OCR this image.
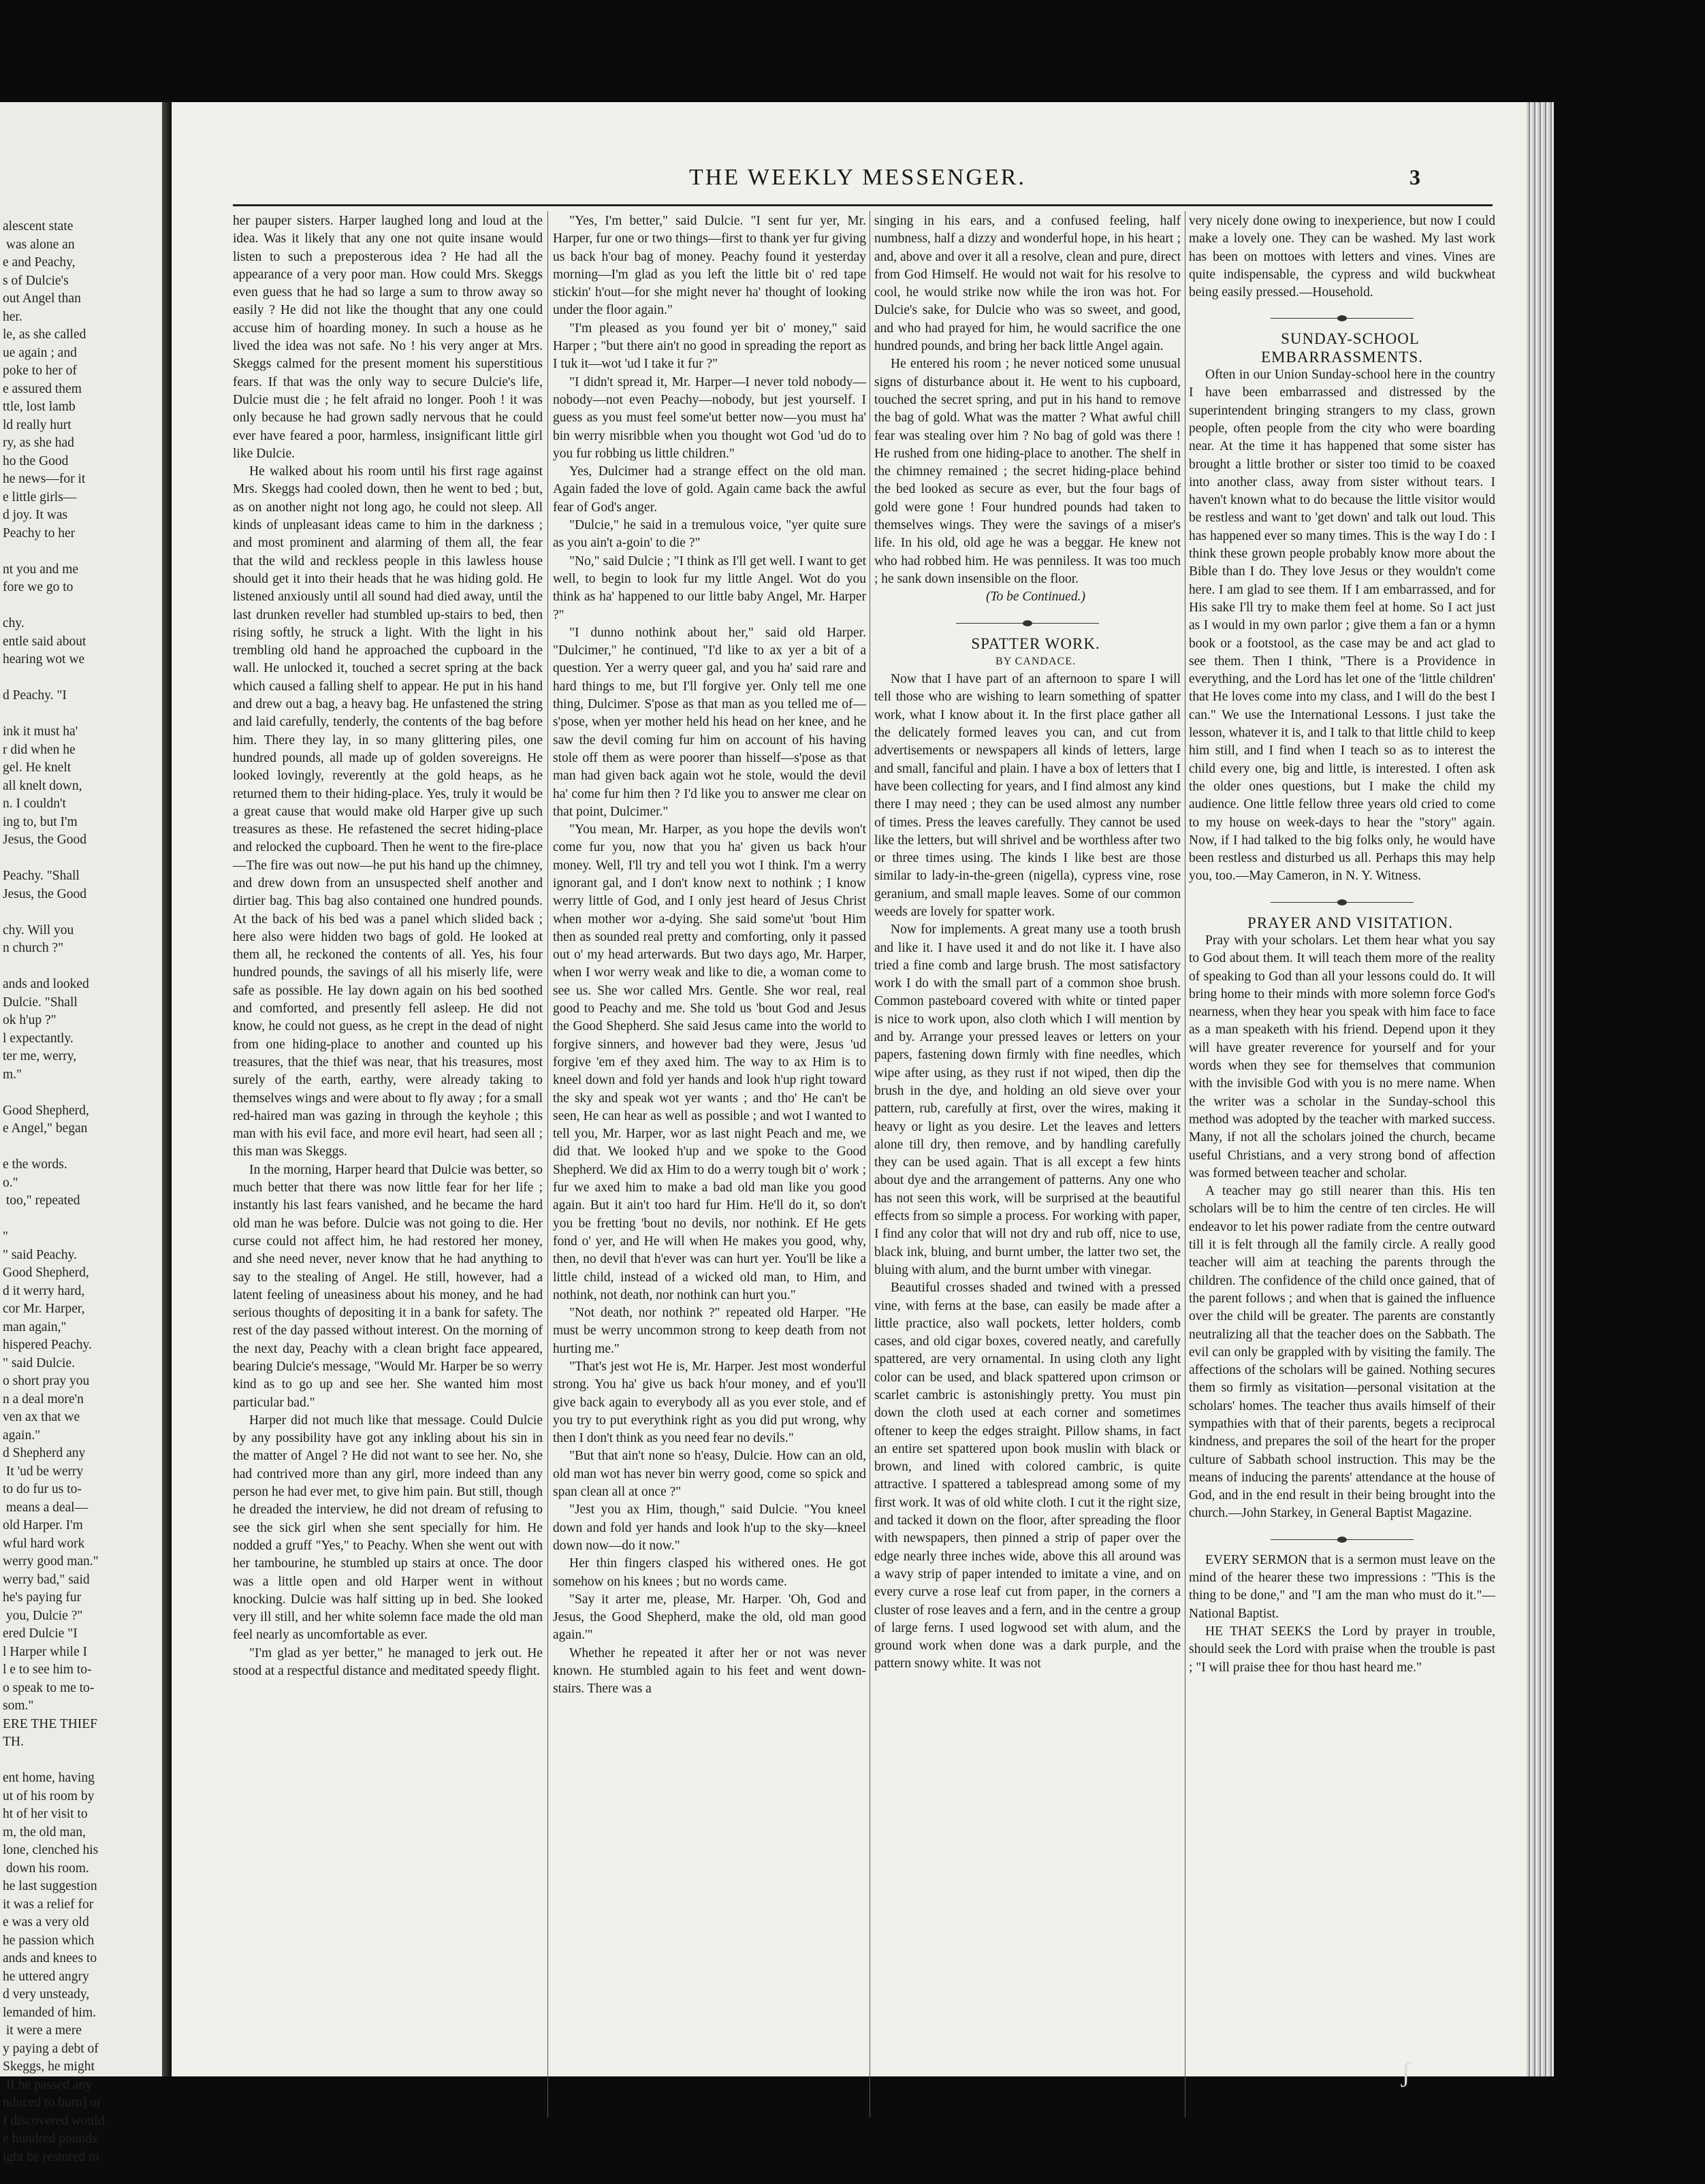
alescent state
was alone an
e and Peachy,
s of Dulcie's
out Angel than
her.
le, as she called
ue again ; and
poke to her of
e assured them
ttle, lost lamb
ld really hurt
ry, as she had
ho the Good
he news—for it
e little girls—
d joy. It was
Peachy to her

nt you and me
fore we go to

chy.
entle said about
hearing wot we

d Peachy. "I

ink it must ha'
r did when he
gel. He knelt
all knelt down,
n. I couldn't
ing to, but I'm
Jesus, the Good

Peachy. "Shall
Jesus, the Good

chy. Will you
n church ?"

ands and looked
Dulcie. "Shall
ok h'up ?"
l expectantly.
ter me, werry,
m."

Good Shepherd,
e Angel," began

e the words.
o."
too," repeated

"
" said Peachy.
Good Shepherd,
d it werry hard,
cor Mr. Harper,
man again,"
hispered Peachy.
" said Dulcie.
o short pray you
n a deal more'n
ven ax that we
again."
d Shepherd any
It 'ud be werry
to do fur us to-
means a deal—
old Harper. I'm
wful hard work
werry good man."
werry bad," said
he's paying fur
you, Dulcie ?"
ered Dulcie "I
l Harper while I
l e to see him to-
o speak to me to-
som."
ERE THE THIEF
TH.

ent home, having
ut of his room by
ht of her visit to
m, the old man,
lone, clenched his
down his room.
he last suggestion
it was a relief for
e was a very old
he passion which
ands and knees to
he uttered angry
d very unsteady,
lemanded of him.
it were a mere
y paying a debt of
Skeggs, he might
If he passed any
nduced to burn] or
f discovered would
e hundred pounds
ight be restored to
THE WEEKLY MESSENGER.	3

her pauper sisters. Harper laughed long and loud at the idea. Was it likely that any one not quite insane would listen to such a preposterous idea ? He had all the appearance of a very poor man. How could Mrs. Skeggs even guess that he had so large a sum to throw away so easily ? He did not like the thought that any one could accuse him of hoarding money. In such a house as he lived the idea was not safe. No ! his very anger at Mrs. Skeggs calmed for the present moment his superstitious fears. If that was the only way to secure Dulcie's life, Dulcie must die ; he felt afraid no longer. Pooh ! it was only because he had grown sadly nervous that he could ever have feared a poor, harmless, insignificant little girl like Dulcie.

He walked about his room until his first rage against Mrs. Skeggs had cooled down, then he went to bed ; but, as on another night not long ago, he could not sleep. All kinds of unpleasant ideas came to him in the darkness ; and most prominent and alarming of them all, the fear that the wild and reckless people in this lawless house should get it into their heads that he was hiding gold. He listened anxiously until all sound had died away, until the last drunken reveller had stumbled up-stairs to bed, then rising softly, he struck a light. With the light in his trembling old hand he approached the cupboard in the wall. He unlocked it, touched a secret spring at the back which caused a falling shelf to appear. He put in his hand and drew out a bag, a heavy bag. He unfastened the string and laid carefully, tenderly, the contents of the bag before him. There they lay, in so many glittering piles, one hundred pounds, all made up of golden sovereigns. He looked lovingly, reverently at the gold heaps, as he returned them to their hiding-place. Yes, truly it would be a great cause that would make old Harper give up such treasures as these. He refastened the secret hiding-place and relocked the cupboard. Then he went to the fire-place—The fire was out now—he put his hand up the chimney, and drew down from an unsuspected shelf another and dirtier bag. This bag also contained one hundred pounds. At the back of his bed was a panel which slided back ; here also were hidden two bags of gold. He looked at them all, he reckoned the contents of all. Yes, his four hundred pounds, the savings of all his miserly life, were safe as possible. He lay down again on his bed soothed and comforted, and presently fell asleep. He did not know, he could not guess, as he crept in the dead of night from one hiding-place to another and counted up his treasures, that the thief was near, that his treasures, most surely of the earth, earthy, were already taking to themselves wings and were about to fly away ; for a small red-haired man was gazing in through the keyhole ; this man with his evil face, and more evil heart, had seen all ; this man was Skeggs.

In the morning, Harper heard that Dulcie was better, so much better that there was now little fear for her life ; instantly his last fears vanished, and he became the hard old man he was before. Dulcie was not going to die. Her curse could not affect him, he had restored her money, and she need never, never know that he had anything to say to the stealing of Angel. He still, however, had a latent feeling of uneasiness about his money, and he had serious thoughts of depositing it in a bank for safety. The rest of the day passed without interest. On the morning of the next day, Peachy with a clean bright face appeared, bearing Dulcie's message, "Would Mr. Harper be so werry kind as to go up and see her. She wanted him most particular bad."

Harper did not much like that message. Could Dulcie by any possibility have got any inkling about his sin in the matter of Angel ? He did not want to see her. No, she had contrived more than any girl, more indeed than any person he had ever met, to give him pain. But still, though he dreaded the interview, he did not dream of refusing to see the sick girl when she sent specially for him. He nodded a gruff "Yes," to Peachy. When she went out with her tambourine, he stumbled up stairs at once. The door was a little open and old Harper went in without knocking. Dulcie was half sitting up in bed. She looked very ill still, and her white solemn face made the old man feel nearly as uncomfortable as ever.

"I'm glad as yer better," he managed to jerk out. He stood at a respectful distance and meditated speedy flight.

"Yes, I'm better," said Dulcie. "I sent fur yer, Mr. Harper, fur one or two things—first to thank yer fur giving us back h'our bag of money. Peachy found it yesterday morning—I'm glad as you left the little bit o' red tape stickin' h'out—for she might never ha' thought of looking under the floor again."

"I'm pleased as you found yer bit o' money," said Harper ; "but there ain't no good in spreading the report as I tuk it—wot 'ud I take it fur ?"

"I didn't spread it, Mr. Harper—I never told nobody—nobody—not even Peachy—nobody, but jest yourself. I guess as you must feel some'ut better now—you must ha' bin werry misribble when you thought wot God 'ud do to you fur robbing us little children."

Yes, Dulcimer had a strange effect on the old man. Again faded the love of gold. Again came back the awful fear of God's anger.

"Dulcie," he said in a tremulous voice, "yer quite sure as you ain't a-goin' to die ?"

"No," said Dulcie ; "I think as I'll get well. I want to get well, to begin to look fur my little Angel. Wot do you think as ha' happened to our little baby Angel, Mr. Harper ?"

"I dunno nothink about her," said old Harper. "Dulcimer," he continued, "I'd like to ax yer a bit of a question. Yer a werry queer gal, and you ha' said rare and hard things to me, but I'll forgive yer. Only tell me one thing, Dulcimer. S'pose as that man as you telled me of—s'pose, when yer mother held his head on her knee, and he saw the devil coming fur him on account of his having stole off them as were poorer than hisself—s'pose as that man had given back again wot he stole, would the devil ha' come fur him then ? I'd like you to answer me clear on that point, Dulcimer."

"You mean, Mr. Harper, as you hope the devils won't come fur you, now that you ha' given us back h'our money. Well, I'll try and tell you wot I think. I'm a werry ignorant gal, and I don't know next to nothink ; I know werry little of God, and I only jest heard of Jesus Christ when mother wor a-dying. She said some'ut 'bout Him then as sounded real pretty and comforting, only it passed out o' my head arterwards. But two days ago, Mr. Harper, when I wor werry weak and like to die, a woman come to see us. She wor called Mrs. Gentle. She wor real, real good to Peachy and me. She told us 'bout God and Jesus the Good Shepherd. She said Jesus came into the world to forgive sinners, and however bad they were, Jesus 'ud forgive 'em ef they axed him. The way to ax Him is to kneel down and fold yer hands and look h'up right toward the sky and speak wot yer wants ; and tho' He can't be seen, He can hear as well as possible ; and wot I wanted to tell you, Mr. Harper, wor as last night Peach and me, we did that. We looked h'up and we spoke to the Good Shepherd. We did ax Him to do a werry tough bit o' work ; fur we axed him to make a bad old man like you good again. But it ain't too hard fur Him. He'll do it, so don't you be fretting 'bout no devils, nor nothink. Ef He gets fond o' yer, and He will when He makes you good, why, then, no devil that h'ever was can hurt yer. You'll be like a little child, instead of a wicked old man, to Him, and nothink, not death, nor nothink can hurt you."

"Not death, nor nothink ?" repeated old Harper. "He must be werry uncommon strong to keep death from not hurting me."

"That's jest wot He is, Mr. Harper. Jest most wonderful strong. You ha' give us back h'our money, and ef you'll give back again to everybody all as you ever stole, and ef you try to put everythink right as you did put wrong, why then I don't think as you need fear no devils."

"But that ain't none so h'easy, Dulcie. How can an old, old man wot has never bin werry good, come so spick and span clean all at once ?"

"Jest you ax Him, though," said Dulcie. "You kneel down and fold yer hands and look h'up to the sky—kneel down now—do it now."

Her thin fingers clasped his withered ones. He got somehow on his knees ; but no words came.

"Say it arter me, please, Mr. Harper. 'Oh, God and Jesus, the Good Shepherd, make the old, old man good again.'"

Whether he repeated it after her or not was never known. He stumbled again to his feet and went down-stairs. There was a

singing in his ears, and a confused feeling, half numbness, half a dizzy and wonderful hope, in his heart ; and, above and over it all a resolve, clean and pure, direct from God Himself. He would not wait for his resolve to cool, he would strike now while the iron was hot. For Dulcie's sake, for Dulcie who was so sweet, and good, and who had prayed for him, he would sacrifice the one hundred pounds, and bring her back little Angel again.

He entered his room ; he never noticed some unusual signs of disturbance about it. He went to his cupboard, touched the secret spring, and put in his hand to remove the bag of gold. What was the matter ? What awful chill fear was stealing over him ? No bag of gold was there ! He rushed from one hiding-place to another. The shelf in the chimney remained ; the secret hiding-place behind the bed looked as secure as ever, but the four bags of gold were gone ! Four hundred pounds had taken to themselves wings. They were the savings of a miser's life. In his old, old age he was a beggar. He knew not who had robbed him. He was penniless. It was too much ; he sank down insensible on the floor.

(To be Continued.)

SPATTER WORK.

BY CANDACE.

Now that I have part of an afternoon to spare I will tell those who are wishing to learn something of spatter work, what I know about it. In the first place gather all the delicately formed leaves you can, and cut from advertisements or newspapers all kinds of letters, large and small, fanciful and plain. I have a box of letters that I have been collecting for years, and I find almost any kind there I may need ; they can be used almost any number of times. Press the leaves carefully. They cannot be used like the letters, but will shrivel and be worthless after two or three times using. The kinds I like best are those similar to lady-in-the-green (nigella), cypress vine, rose geranium, and small maple leaves. Some of our common weeds are lovely for spatter work.

Now for implements. A great many use a tooth brush and like it. I have used it and do not like it. I have also tried a fine comb and large brush. The most satisfactory work I do with the small part of a common shoe brush. Common pasteboard covered with white or tinted paper is nice to work upon, also cloth which I will mention by and by. Arrange your pressed leaves or letters on your papers, fastening down firmly with fine needles, which wipe after using, as they rust if not wiped, then dip the brush in the dye, and holding an old sieve over your pattern, rub, carefully at first, over the wires, making it heavy or light as you desire. Let the leaves and letters alone till dry, then remove, and by handling carefully they can be used again. That is all except a few hints about dye and the arrangement of patterns. Any one who has not seen this work, will be surprised at the beautiful effects from so simple a process. For working with paper, I find any color that will not dry and rub off, nice to use, black ink, bluing, and burnt umber, the latter two set, the bluing with alum, and the burnt umber with vinegar.

Beautiful crosses shaded and twined with a pressed vine, with ferns at the base, can easily be made after a little practice, also wall pockets, letter holders, comb cases, and old cigar boxes, covered neatly, and carefully spattered, are very ornamental. In using cloth any light color can be used, and black spattered upon crimson or scarlet cambric is astonishingly pretty. You must pin down the cloth used at each corner and sometimes oftener to keep the edges straight. Pillow shams, in fact an entire set spattered upon book muslin with black or brown, and lined with colored cambric, is quite attractive. I spattered a tablespread among some of my first work. It was of old white cloth. I cut it the right size, and tacked it down on the floor, after spreading the floor with newspapers, then pinned a strip of paper over the edge nearly three inches wide, above this all around was a wavy strip of paper intended to imitate a vine, and on every curve a rose leaf cut from paper, in the corners a cluster of rose leaves and a fern, and in the centre a group of large ferns. I used logwood set with alum, and the ground work when done was a dark purple, and the pattern snowy white. It was not

very nicely done owing to inexperience, but now I could make a lovely one. They can be washed. My last work has been on mottoes with letters and vines. Vines are quite indispensable, the cypress and wild buckwheat being easily pressed.—Household.

SUNDAY-SCHOOL EMBARRASSMENTS.

Often in our Union Sunday-school here in the country I have been embarrassed and distressed by the superintendent bringing strangers to my class, grown people, often people from the city who were boarding near. At the time it has happened that some sister has brought a little brother or sister too timid to be coaxed into another class, away from sister without tears. I haven't known what to do because the little visitor would be restless and want to 'get down' and talk out loud. This has happened ever so many times. This is the way I do : I think these grown people probably know more about the Bible than I do. They love Jesus or they wouldn't come here. I am glad to see them. If I am embarrassed, and for His sake I'll try to make them feel at home. So I act just as I would in my own parlor ; give them a fan or a hymn book or a footstool, as the case may be and act glad to see them. Then I think, "There is a Providence in everything, and the Lord has let one of the 'little children' that He loves come into my class, and I will do the best I can." We use the International Lessons. I just take the lesson, whatever it is, and I talk to that little child to keep him still, and I find when I teach so as to interest the child every one, big and little, is interested. I often ask the older ones questions, but I make the child my audience. One little fellow three years old cried to come to my house on week-days to hear the "story" again. Now, if I had talked to the big folks only, he would have been restless and disturbed us all. Perhaps this may help you, too.—May Cameron, in N. Y. Witness.

PRAYER AND VISITATION.

Pray with your scholars. Let them hear what you say to God about them. It will teach them more of the reality of speaking to God than all your lessons could do. It will bring home to their minds with more solemn force God's nearness, when they hear you speak with him face to face as a man speaketh with his friend. Depend upon it they will have greater reverence for yourself and for your words when they see for themselves that communion with the invisible God with you is no mere name. When the writer was a scholar in the Sunday-school this method was adopted by the teacher with marked success. Many, if not all the scholars joined the church, became useful Christians, and a very strong bond of affection was formed between teacher and scholar.

A teacher may go still nearer than this. His ten scholars will be to him the centre of ten circles. He will endeavor to let his power radiate from the centre outward till it is felt through all the family circle. A really good teacher will aim at teaching the parents through the children. The confidence of the child once gained, that of the parent follows ; and when that is gained the influence over the child will be greater. The parents are constantly neutralizing all that the teacher does on the Sabbath. The evil can only be grappled with by visiting the family. The affections of the scholars will be gained. Nothing secures them so firmly as visitation—personal visitation at the scholars' homes. The teacher thus avails himself of their sympathies with that of their parents, begets a reciprocal kindness, and prepares the soil of the heart for the proper culture of Sabbath school instruction. This may be the means of inducing the parents' attendance at the house of God, and in the end result in their being brought into the church.—John Starkey, in General Baptist Magazine.

EVERY SERMON that is a sermon must leave on the mind of the hearer these two impressions : "This is the thing to be done," and "I am the man who must do it."—National Baptist.

HE THAT SEEKS the Lord by prayer in trouble, should seek the Lord with praise when the trouble is past ; "I will praise thee for thou hast heard me."

ʃ
